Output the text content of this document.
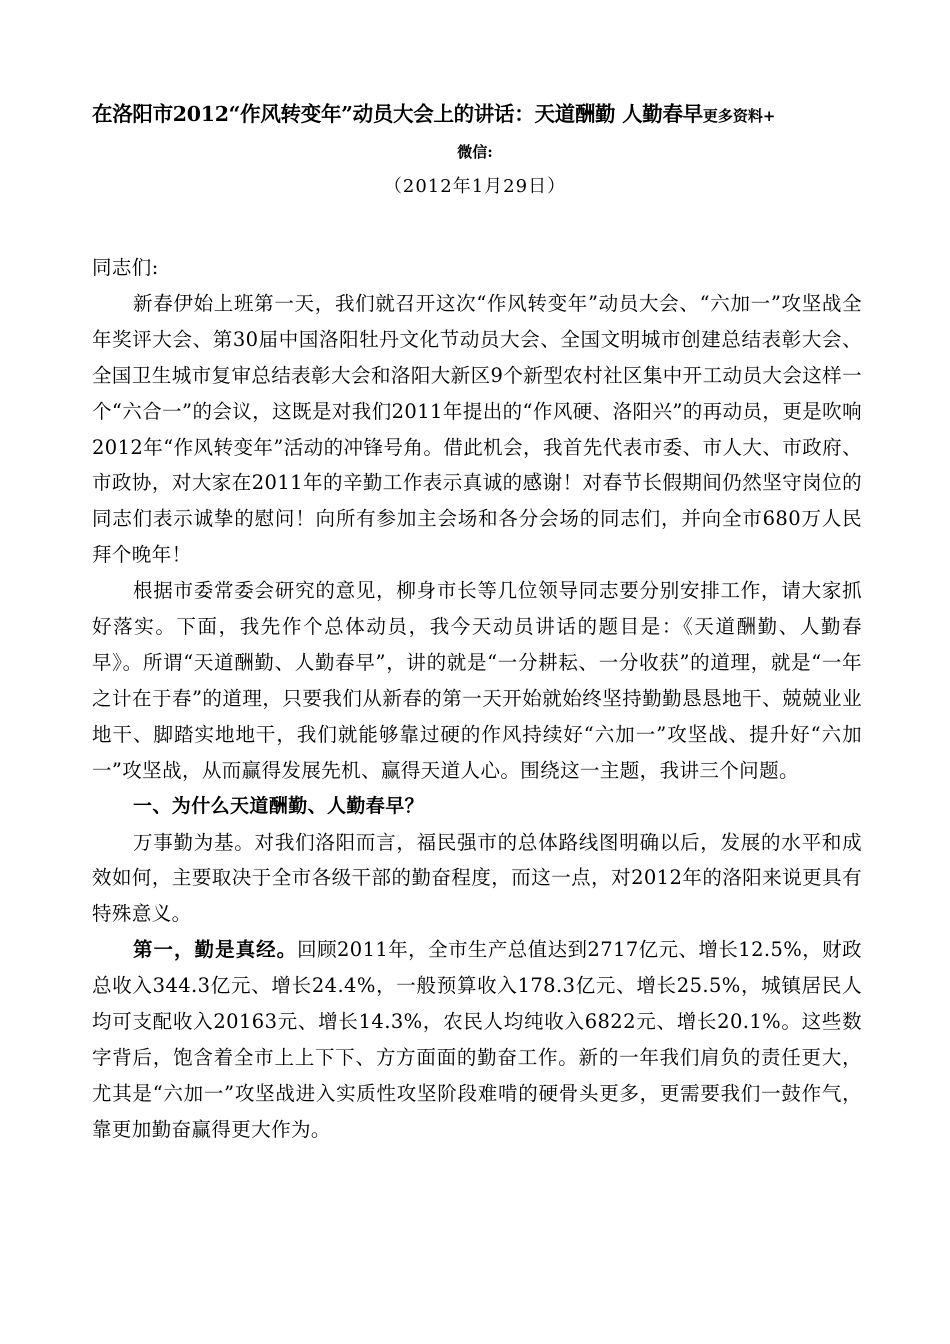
在洛阳市2012“作风转变年”动员大会上的讲话：天道酬勤 人勤春早更多资料+
微信:
（2012年1月29日）

同志们:

新春伊始上班第一天，我们就召开这次“作风转变年”动员大会、“六加一”攻坚战全年奖评大会、第30届中国洛阳牡丹文化节动员大会、全国文明城市创建总结表彰大会、全国卫生城市复审总结表彰大会和洛阳大新区9个新型农村社区集中开工动员大会这样一个“六合一”的会议，这既是对我们2011年提出的“作风硬、洛阳兴”的再动员，更是吹响2012年“作风转变年”活动的冲锋号角。借此机会，我首先代表市委、市人大、市政府、市政协，对大家在2011年的辛勤工作表示真诚的感谢！对春节长假期间仍然坚守岗位的同志们表示诚挚的慰问！向所有参加主会场和各分会场的同志们，并向全市680万人民拜个晚年！

根据市委常委会研究的意见，柳身市长等几位领导同志要分别安排工作，请大家抓好落实。下面，我先作个总体动员，我今天动员讲话的题目是：《天道酬勤、人勤春早》。所谓“天道酬勤、人勤春早”，讲的就是“一分耕耘、一分收获”的道理，就是“一年之计在于春”的道理，只要我们从新春的第一天开始就始终坚持勤勤恳恳地干、兢兢业业地干、脚踏实地地干，我们就能够靠过硬的作风持续好“六加一”攻坚战、提升好“六加一”攻坚战，从而赢得发展先机、赢得天道人心。围绕这一主题，我讲三个问题。

一、为什么天道酬勤、人勤春早？

万事勤为基。对我们洛阳而言，福民强市的总体路线图明确以后，发展的水平和成效如何，主要取决于全市各级干部的勤奋程度，而这一点，对2012年的洛阳来说更具有特殊意义。

第一，勤是真经。回顾2011年，全市生产总值达到2717亿元、增长12.5%，财政总收入344.3亿元、增长24.4%，一般预算收入178.3亿元、增长25.5%，城镇居民人均可支配收入20163元、增长14.3%，农民人均纯收入6822元、增长20.1%。这些数字背后，饱含着全市上上下下、方方面面的勤奋工作。新的一年我们肩负的责任更大，尤其是“六加一”攻坚战进入实质性攻坚阶段难啃的硬骨头更多，更需要我们一鼓作气，靠更加勤奋赢得更大作为。
